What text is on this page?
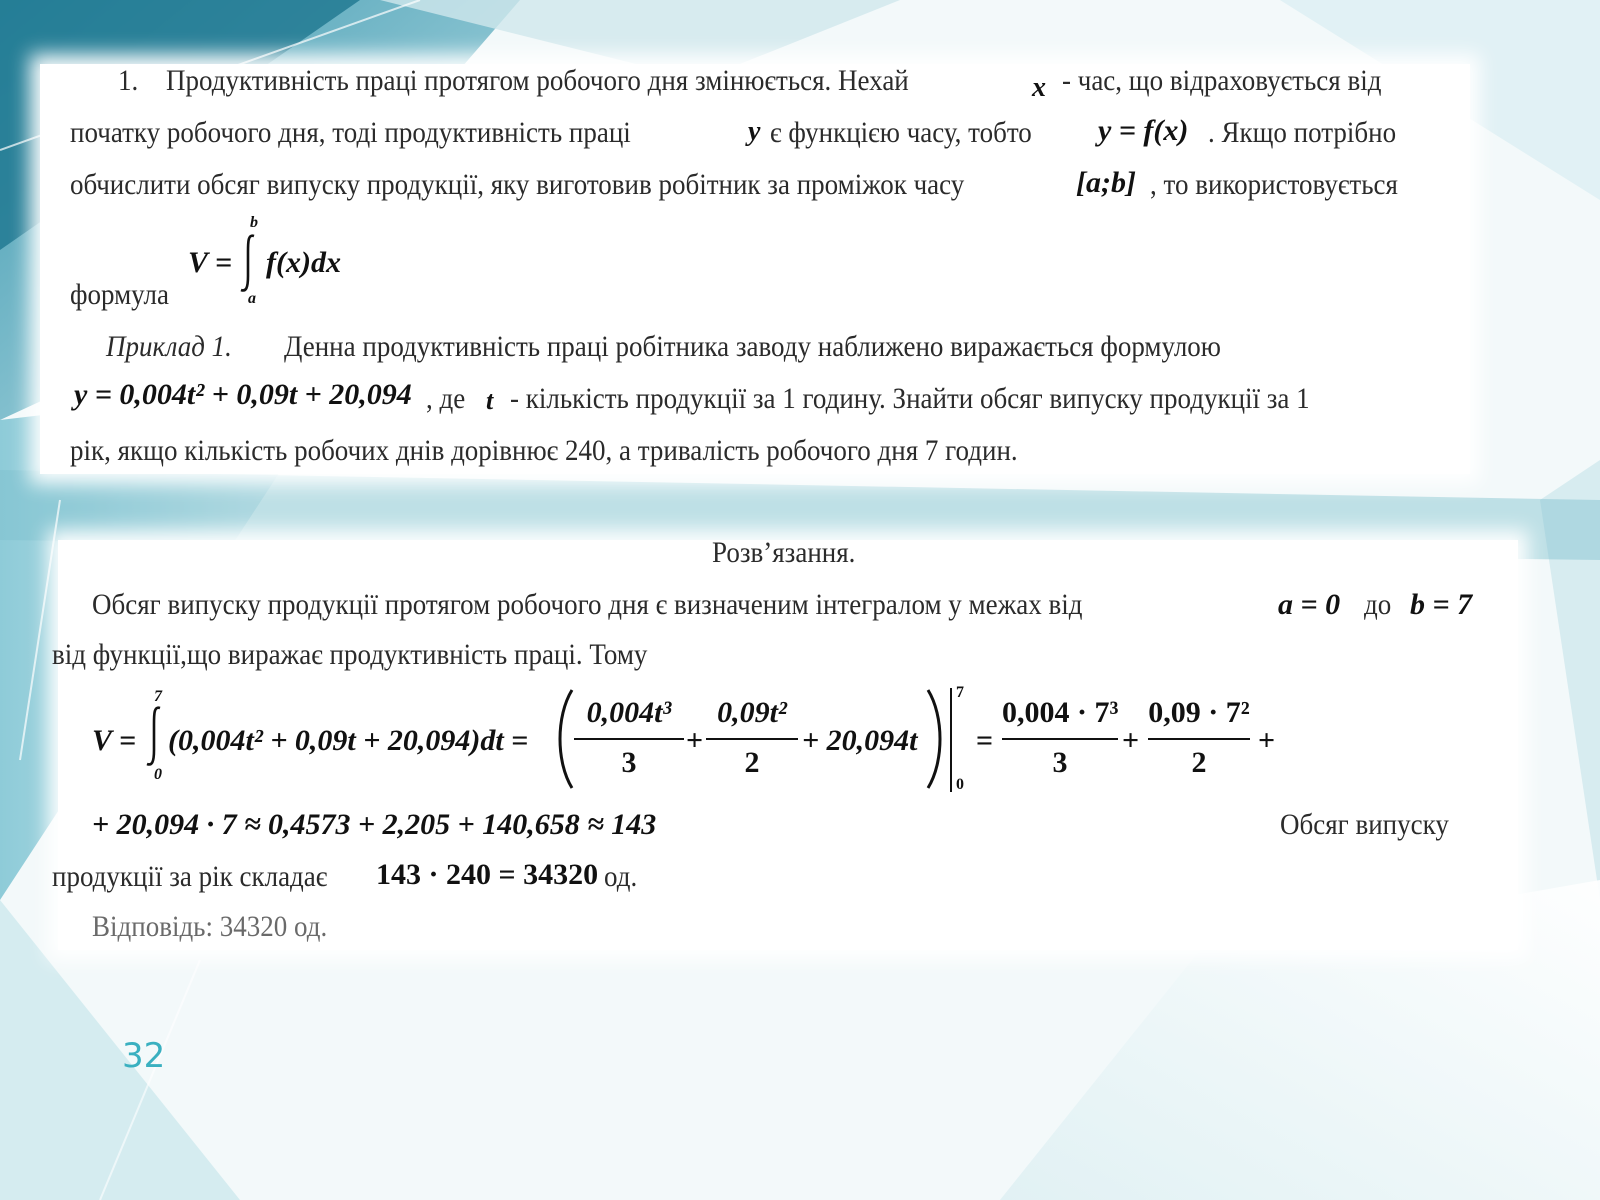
1. Продуктивність праці протягом робочого дня змінюється. Нехай	x - час, що відраховується від
початку робочого дня, тоді продуктивність праці	y є функцією часу, тобто y = f(x) . Якщо потрібно
обчислити обсяг випуску продукції, яку виготовив робітник за проміжок часу	[a;b] , то використовується
формула
V =
b
a
f(x)dx
Приклад 1. Денна продуктивність праці робітника заводу наближено виражається формулою
y = 0,004t² + 0,09t + 20,094 , де t - кількість продукції за 1 годину. Знайти обсяг випуску продукції за 1
рік, якщо кількість робочих днів дорівнює 240, а тривалість робочого дня 7 годин.
Розв’язання.
Обсяг випуску продукції протягом робочого дня є визначеним інтегралом у межах від	a = 0 до b = 7
від функції,що виражає продуктивність праці. Тому
V =
7
0
(0,004t² + 0,09t + 20,094)dt =
0,004t³
3
+
0,09t²
2
+ 20,094t
7
0
=
0,004 · 7³
3
+
0,09 · 7²
2
+
+ 20,094 · 7 ≈ 0,4573 + 2,205 + 140,658 ≈ 143	Обсяг випуску
продукції за рік складає 143 · 240 = 34320 од.
Відповідь: 34320 од.
32
